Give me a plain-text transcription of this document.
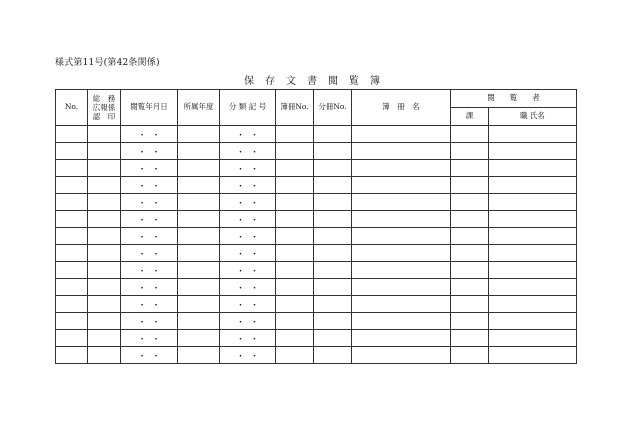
様式第11号(第42条関係)
保　存　文　書　閲　覧　簿
No.	総　務
広報係
認　印	閲覧年月日	所属年度	分 類 記 号	簿冊No.	分冊No.	簿　冊　名	閲　　覧　　者	
								課	職 氏名
		・ ・		・ ・					
		・ ・		・ ・					
		・ ・		・ ・					
		・ ・		・ ・					
		・ ・		・ ・					
		・ ・		・ ・					
		・ ・		・ ・					
		・ ・		・ ・					
		・ ・		・ ・					
		・ ・		・ ・					
		・ ・		・ ・					
		・ ・		・ ・					
		・ ・		・ ・					
		・ ・		・ ・					
